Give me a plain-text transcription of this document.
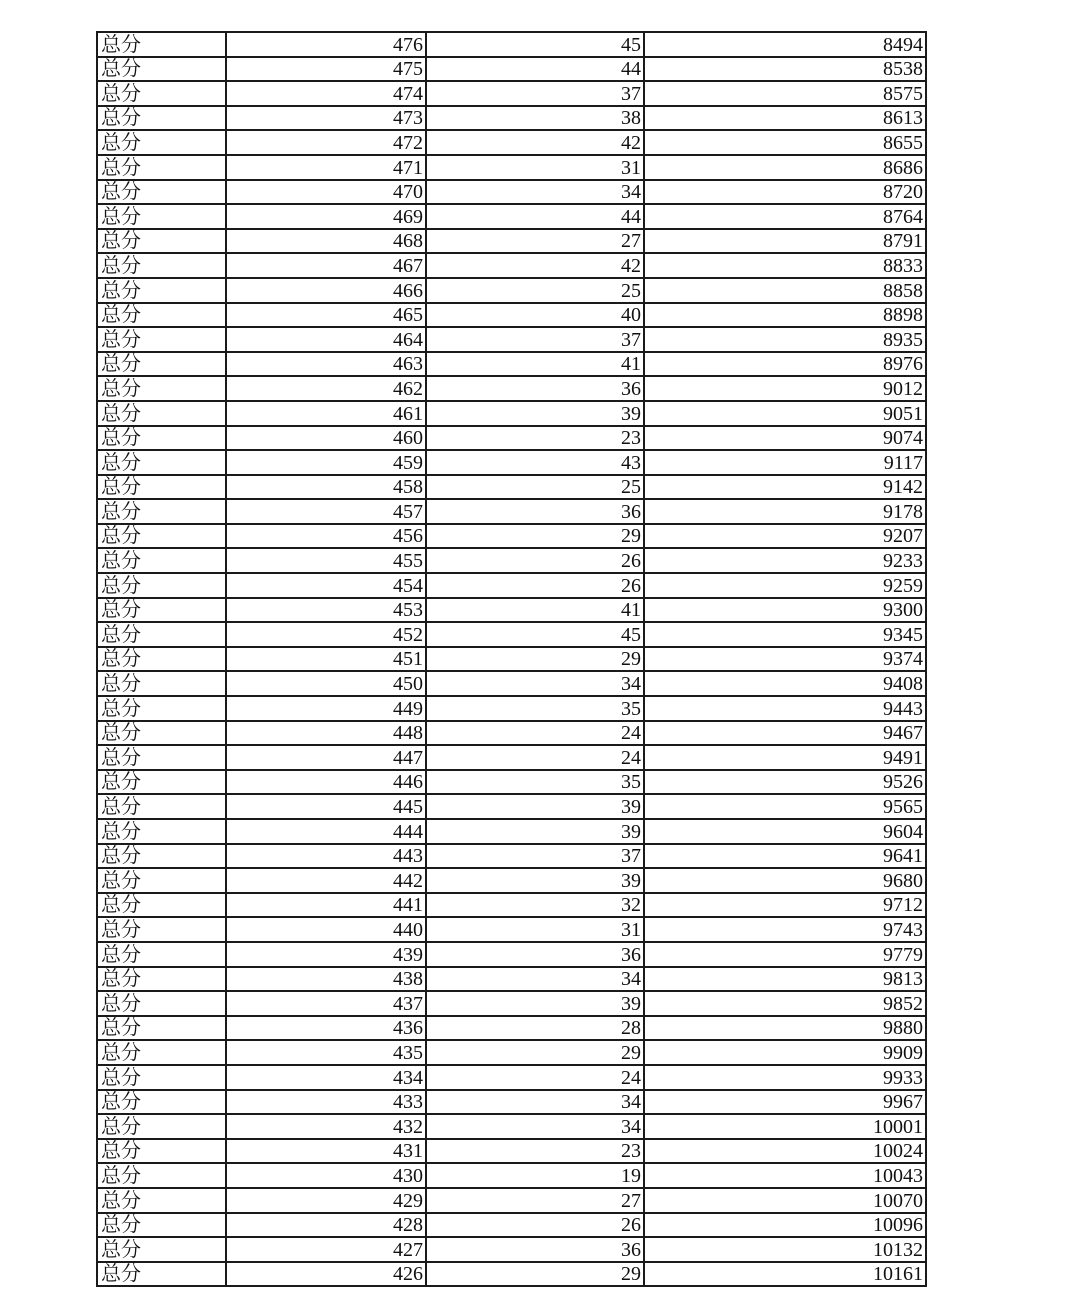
总分	476	45	8494
总分	475	44	8538
总分	474	37	8575
总分	473	38	8613
总分	472	42	8655
总分	471	31	8686
总分	470	34	8720
总分	469	44	8764
总分	468	27	8791
总分	467	42	8833
总分	466	25	8858
总分	465	40	8898
总分	464	37	8935
总分	463	41	8976
总分	462	36	9012
总分	461	39	9051
总分	460	23	9074
总分	459	43	9117
总分	458	25	9142
总分	457	36	9178
总分	456	29	9207
总分	455	26	9233
总分	454	26	9259
总分	453	41	9300
总分	452	45	9345
总分	451	29	9374
总分	450	34	9408
总分	449	35	9443
总分	448	24	9467
总分	447	24	9491
总分	446	35	9526
总分	445	39	9565
总分	444	39	9604
总分	443	37	9641
总分	442	39	9680
总分	441	32	9712
总分	440	31	9743
总分	439	36	9779
总分	438	34	9813
总分	437	39	9852
总分	436	28	9880
总分	435	29	9909
总分	434	24	9933
总分	433	34	9967
总分	432	34	10001
总分	431	23	10024
总分	430	19	10043
总分	429	27	10070
总分	428	26	10096
总分	427	36	10132
总分	426	29	10161
